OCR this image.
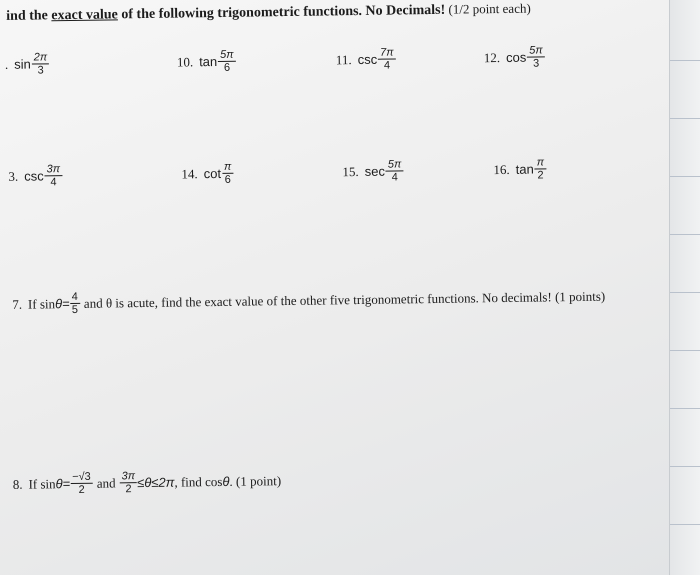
ind the exact value of the following trigonometric functions. No Decimals! (1/2 point each)
. $\sin \frac{2\pi}{3}$	10. $\tan \frac{5\pi}{6}$	11. $\csc \frac{7\pi}{4}$	12. $\cos \frac{5\pi}{3}$
3. $\csc \frac{3\pi}{4}$	14. $\cot \frac{\pi}{6}$	15. $\sec \frac{5\pi}{4}$	16. $\tan \frac{\pi}{2}$
7. If $\sin \theta = \frac{4}{5}$ and θ is acute, find the exact value of the other five trigonometric functions. No decimals! (1 points)
8. If $\sin \theta = \frac{-√3}{2}$ and $\frac{3\pi}{2} \le\theta\le 2\pi$ , find cos θ . (1 point)
